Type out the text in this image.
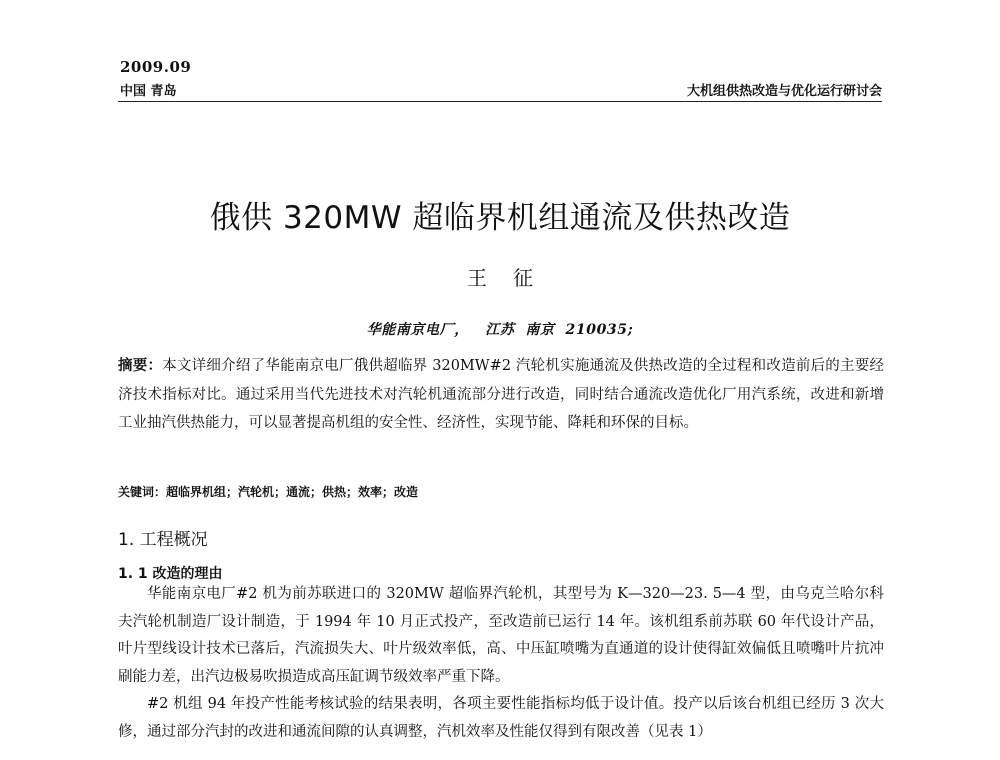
2009.09
中国 青岛	大机组供热改造与优化运行研讨会
俄供 320MW 超临界机组通流及供热改造
王征
华能南京电厂，   江苏  南京  210035;
摘要：本文详细介绍了华能南京电厂俄供超临界 320MW#2 汽轮机实施通流及供热改造的全过程和改造前后的主要经济技术指标对比。通过采用当代先进技术对汽轮机通流部分进行改造，同时结合通流改造优化厂用汽系统，改进和新增工业抽汽供热能力，可以显著提高机组的安全性、经济性，实现节能、降耗和环保的目标。
关键词：超临界机组；汽轮机；通流；供热；效率；改造
1. 工程概况
1. 1 改造的理由

华能南京电厂#2 机为前苏联进口的 320MW 超临界汽轮机，其型号为 K—320—23. 5—4 型，由乌克兰哈尔科夫汽轮机制造厂设计制造，于 1994 年 10 月正式投产，至改造前已运行 14 年。该机组系前苏联 60 年代设计产品，叶片型线设计技术已落后，汽流损失大、叶片级效率低，高、中压缸喷嘴为直通道的设计使得缸效偏低且喷嘴叶片抗冲刷能力差，出汽边极易吹损造成高压缸调节级效率严重下降。

#2 机组 94 年投产性能考核试验的结果表明，各项主要性能指标均低于设计值。投产以后该台机组已经历 3 次大修，通过部分汽封的改进和通流间隙的认真调整，汽机效率及性能仅得到有限改善（见表 1）
